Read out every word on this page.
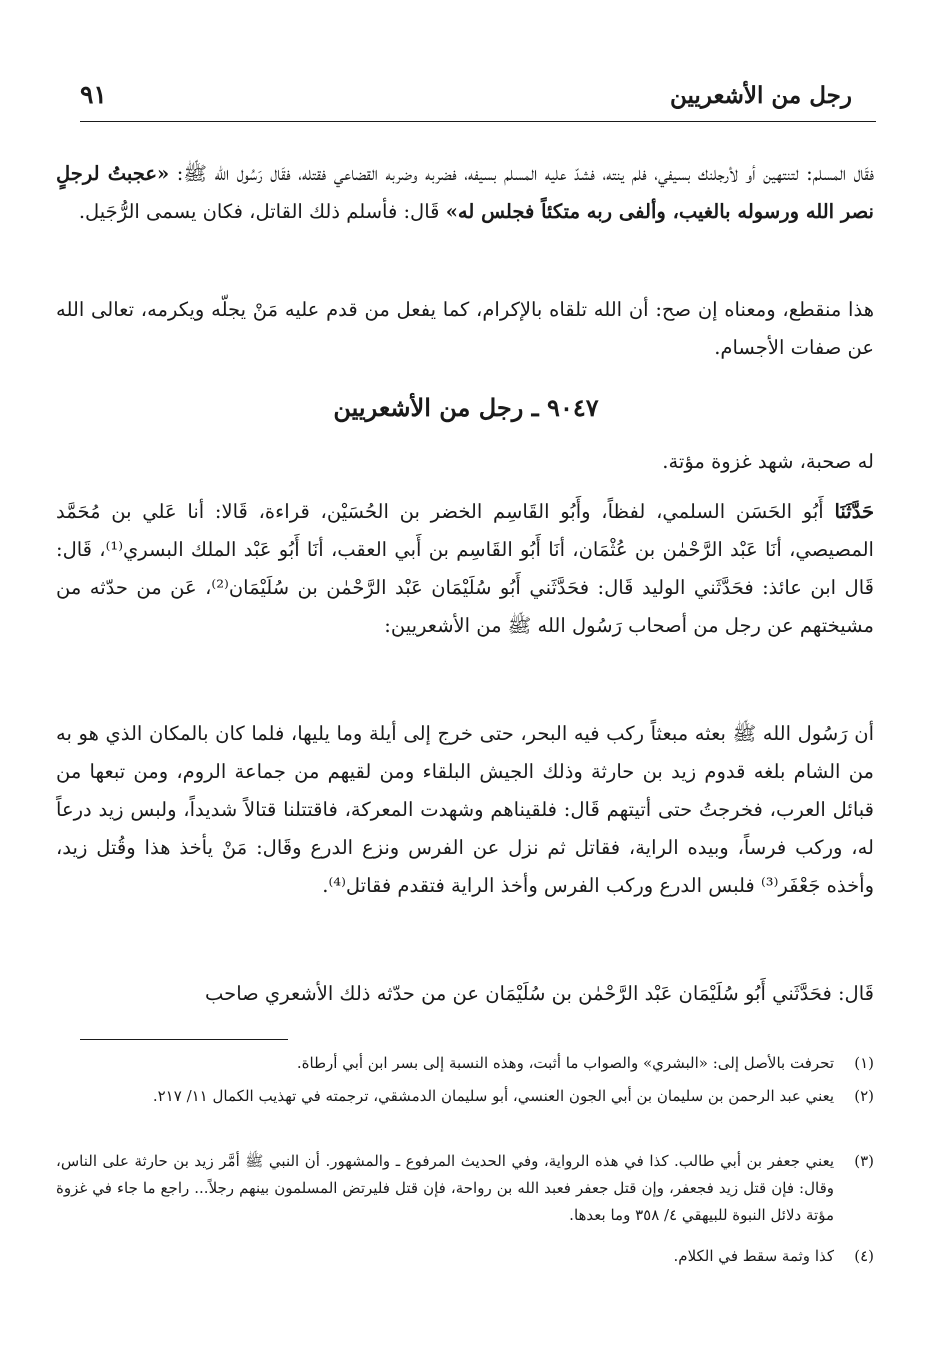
رجل من الأشعريين
٩١
فقَال المسلم: لتنتهين أو لأرجلنك بسيفي، فلم ينته، فشدّ عليه المسلم بسيفه، فضربه وضربه القضاعي فقتله، فقَال رَسُول الله ﷺ: «عجبتُ لرجلٍ نصر الله ورسوله بالغيب، وألفى ربه متكئاً فجلس له» قَال: فأسلم ذلك القاتل، فكان يسمى الرُّجَيل.
هذا منقطع، ومعناه إن صح: أن الله تلقاه بالإكرام، كما يفعل من قدم عليه مَنْ يجلّه ويكرمه، تعالى الله عن صفات الأجسام.
٩٠٤٧ ـ رجل من الأشعريين
له صحبة، شهد غزوة مؤتة.
حَدَّثَنَا أَبُو الحَسَن السلمي، لفظاً، وأَبُو القَاسِم الخضر بن الحُسَيْن، قراءة، قَالا: أنا عَلي بن مُحَمَّد المصيصي، أنَا عَبْد الرَّحْمٰن بن عُثْمَان، أنَا أَبُو القَاسِم بن أَبي العقب، أنَا أَبُو عَبْد الملك البسري⁽¹⁾، قَال: قَال ابن عائذ: فحَدَّثَني الوليد قَال: فحَدَّثَني أَبُو سُلَيْمَان عَبْد الرَّحْمٰن بن سُلَيْمَان⁽²⁾، عَن من حدّثه من مشيختهم عن رجل من أصحاب رَسُول الله ﷺ من الأشعريين:
أن رَسُول الله ﷺ بعثه مبعثاً ركب فيه البحر، حتى خرج إلى أيلة وما يليها، فلما كان بالمكان الذي هو به من الشام بلغه قدوم زيد بن حارثة وذلك الجيش البلقاء ومن لقيهم من جماعة الروم، ومن تبعها من قبائل العرب، فخرجتُ حتى أتيتهم قَال: فلقيناهم وشهدت المعركة، فاقتتلنا قتالاً شديداً، ولبس زيد درعاً له، وركب فرساً، وبيده الراية، فقاتل ثم نزل عن الفرس ونزع الدرع وقَال: مَنْ يأخذ هذا وقُتل زيد، وأخذه جَعْفَر⁽³⁾ فلبس الدرع وركب الفرس وأخذ الراية فتقدم فقاتل⁽⁴⁾.
قَال: فحَدَّثَني أَبُو سُلَيْمَان عَبْد الرَّحْمٰن بن سُلَيْمَان عن من حدّثه ذلك الأشعري صاحب
(١)
تحرفت بالأصل إلى: «البشري» والصواب ما أثبت، وهذه النسبة إلى بسر ابن أبي أرطاة.
(٢)
يعني عبد الرحمن بن سليمان بن أبي الجون العنسي، أبو سليمان الدمشقي، ترجمته في تهذيب الكمال ١١/ ٢١٧.
(٣)
يعني جعفر بن أبي طالب. كذا في هذه الرواية، وفي الحديث المرفوع ـ والمشهور. أن النبي ﷺ أمَّر زيد بن حارثة على الناس، وقال: فإن قتل زيد فجعفر، وإن قتل جعفر فعبد الله بن رواحة، فإن قتل فليرتض المسلمون بينهم رجلاً... راجع ما جاء في غزوة مؤتة دلائل النبوة للبيهقي ٤/ ٣٥٨ وما بعدها.
(٤)
كذا وثمة سقط في الكلام.
